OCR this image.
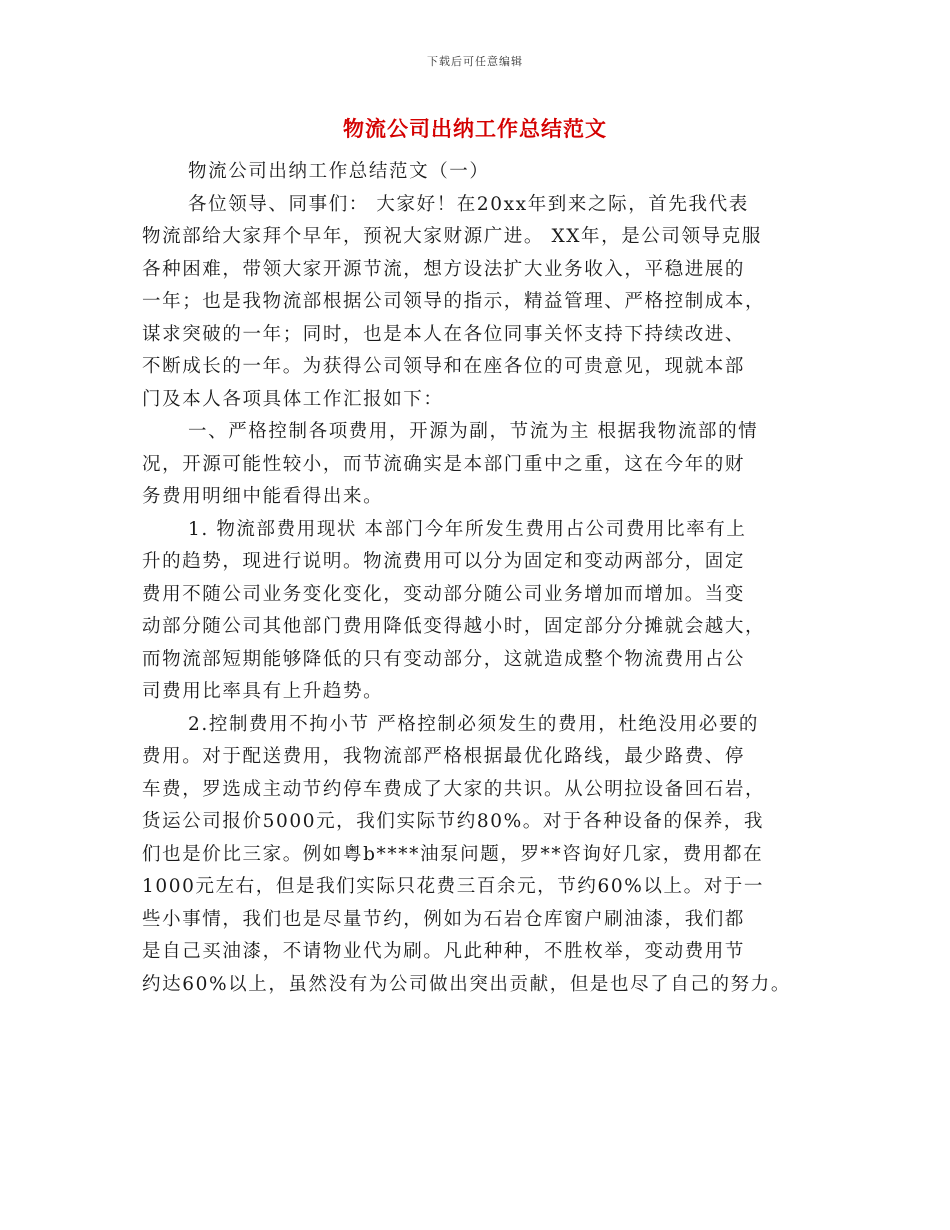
下载后可任意编辑
物流公司出纳工作总结范文
物流公司出纳工作总结范文（一）
各位领导、同事们： 大家好！在20xx年到来之际，首先我代表
物流部给大家拜个早年，预祝大家财源广进。 XX年，是公司领导克服
各种困难，带领大家开源节流，想方设法扩大业务收入，平稳进展的
一年；也是我物流部根据公司领导的指示，精益管理、严格控制成本，
谋求突破的一年；同时，也是本人在各位同事关怀支持下持续改进、
不断成长的一年。为获得公司领导和在座各位的可贵意见，现就本部
门及本人各项具体工作汇报如下：
一、严格控制各项费用，开源为副，节流为主 根据我物流部的情
况，开源可能性较小，而节流确实是本部门重中之重，这在今年的财
务费用明细中能看得出来。
1. 物流部费用现状 本部门今年所发生费用占公司费用比率有上
升的趋势，现进行说明。物流费用可以分为固定和变动两部分，固定
费用不随公司业务变化变化，变动部分随公司业务增加而增加。当变
动部分随公司其他部门费用降低变得越小时，固定部分分摊就会越大，
而物流部短期能够降低的只有变动部分，这就造成整个物流费用占公
司费用比率具有上升趋势。
2.控制费用不拘小节 严格控制必须发生的费用，杜绝没用必要的
费用。对于配送费用，我物流部严格根据最优化路线，最少路费、停
车费，罗选成主动节约停车费成了大家的共识。从公明拉设备回石岩，
货运公司报价5000元，我们实际节约80%。对于各种设备的保养，我
们也是价比三家。例如粤b****油泵问题，罗**咨询好几家，费用都在
1000元左右，但是我们实际只花费三百余元，节约60%以上。对于一
些小事情，我们也是尽量节约，例如为石岩仓库窗户刷油漆，我们都
是自己买油漆，不请物业代为刷。凡此种种，不胜枚举，变动费用节
约达60%以上，虽然没有为公司做出突出贡献，但是也尽了自己的努力。
